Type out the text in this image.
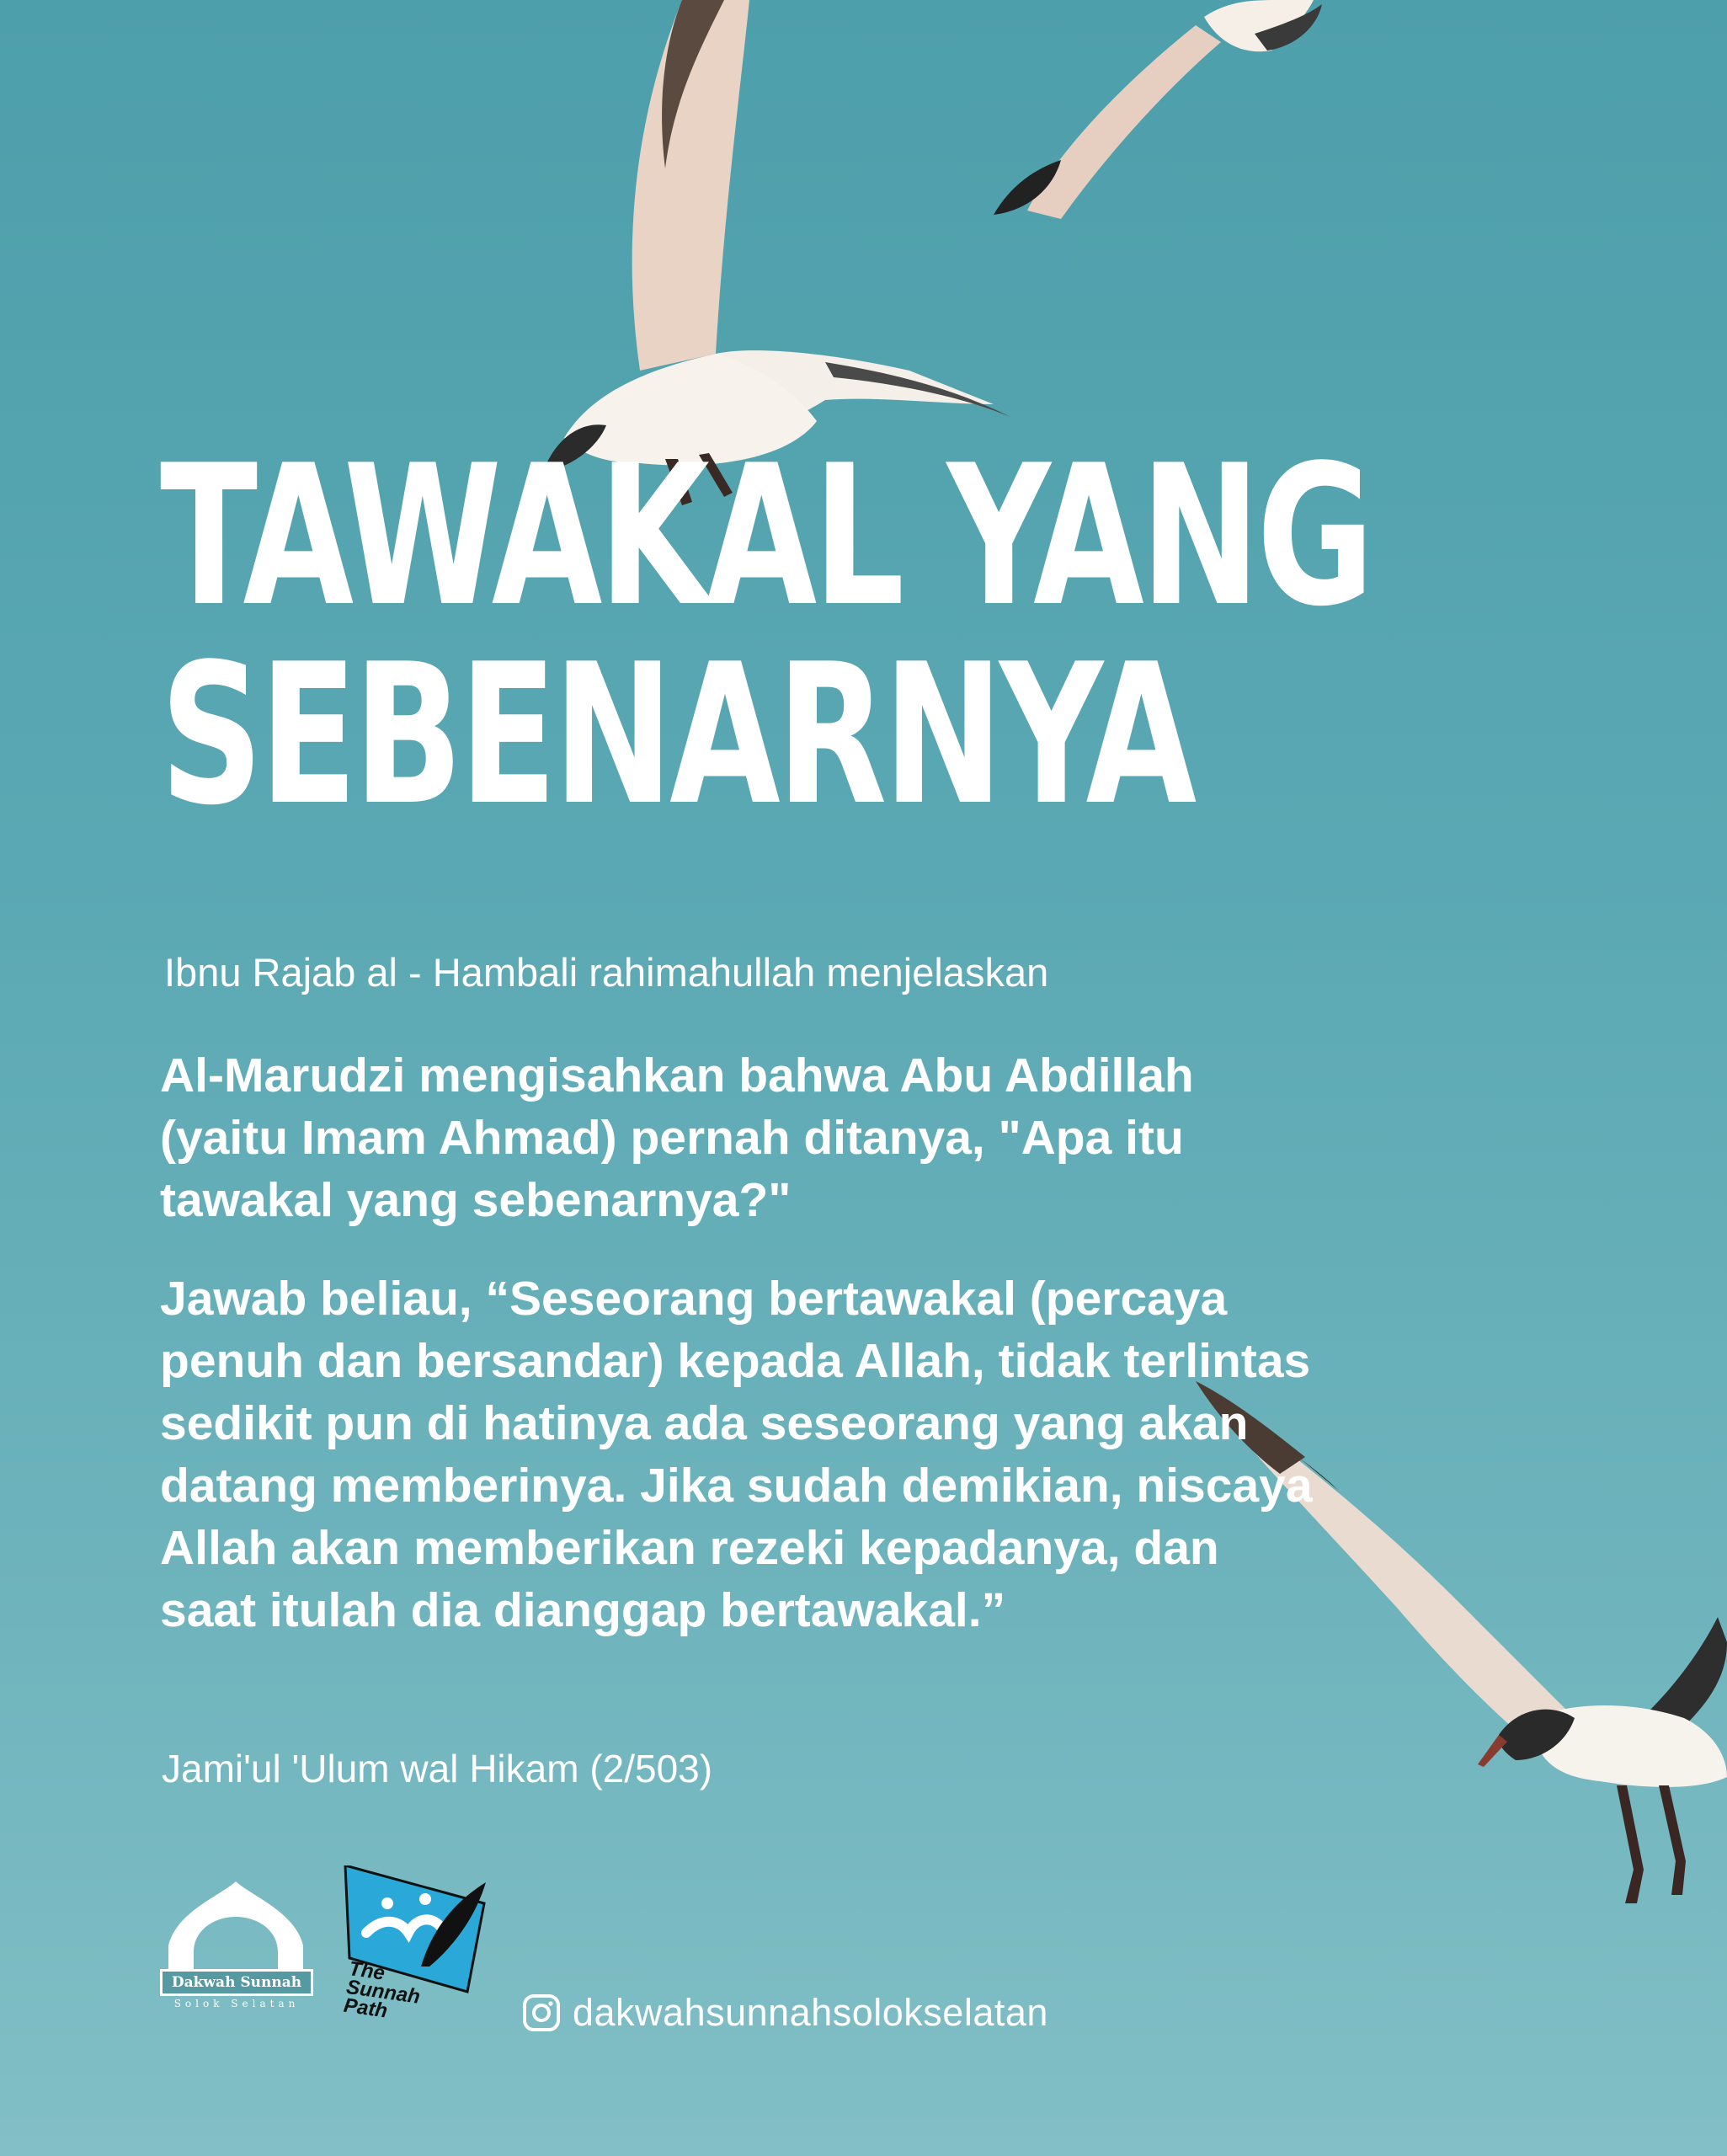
TAWAKAL YANG
SEBENARNYA
Ibnu Rajab al - Hambali rahimahullah menjelaskan

Al-Marudzi mengisahkan bahwa Abu Abdillah (yaitu Imam Ahmad) pernah ditanya, "Apa itu tawakal yang sebenarnya?"

Jawab beliau, “Seseorang bertawakal (percaya penuh dan bersandar) kepada Allah, tidak terlintas sedikit pun di hatinya ada seseorang yang akan datang memberinya. Jika sudah demikian, niscaya Allah akan memberikan rezeki kepadanya, dan saat itulah dia dianggap bertawakal.”

Jami'ul 'Ulum wal Hikam (2/503)
Dakwah Sunnah
Solok Selatan
The Sunnah Path	dakwahsunnahsolokselatan
